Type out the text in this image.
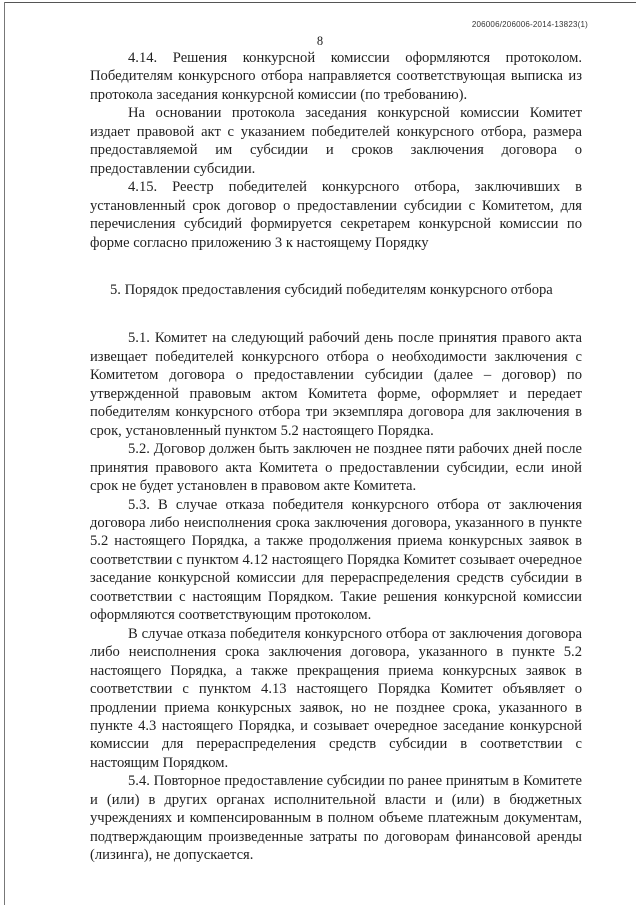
206006/206006-2014-13823(1)
8

4.14. Решения конкурсной комиссии оформляются протоколом. Победителям конкурсного отбора направляется соответствующая выписка из протокола заседания конкурсной комиссии (по требованию).

На основании протокола заседания конкурсной комиссии Комитет издает правовой акт с указанием победителей конкурсного отбора, размера предоставляемой им субсидии и сроков заключения договора о предоставлении субсидии.

4.15. Реестр победителей конкурсного отбора, заключивших в установленный срок договор о предоставлении субсидии с Комитетом, для перечисления субсидий формируется секретарем конкурсной комиссии по форме согласно приложению 3 к настоящему Порядку

5. Порядок предоставления субсидий победителям конкурсного отбора

5.1. Комитет на следующий рабочий день после принятия правого акта извещает победителей конкурсного отбора о необходимости заключения с Комитетом договора о предоставлении субсидии (далее – договор) по утвержденной правовым актом Комитета форме, оформляет и передает победителям конкурсного отбора три экземпляра договора для заключения в срок, установленный пунктом 5.2 настоящего Порядка.

5.2. Договор должен быть заключен не позднее пяти рабочих дней после принятия правового акта Комитета о предоставлении субсидии, если иной срок не будет установлен в правовом акте Комитета.

5.3. В случае отказа победителя конкурсного отбора от заключения договора либо неисполнения срока заключения договора, указанного в пункте 5.2 настоящего Порядка, а также продолжения приема конкурсных заявок в соответствии с пунктом 4.12 настоящего Порядка Комитет созывает очередное заседание конкурсной комиссии для перераспределения средств субсидии в соответствии с настоящим Порядком. Такие решения конкурсной комиссии оформляются соответствующим протоколом.

В случае отказа победителя конкурсного отбора от заключения договора либо неисполнения срока заключения договора, указанного в пункте 5.2 настоящего Порядка, а также прекращения приема конкурсных заявок в соответствии с пунктом 4.13 настоящего Порядка Комитет объявляет о продлении приема конкурсных заявок, но не позднее срока, указанного в пункте 4.3 настоящего Порядка, и созывает очередное заседание конкурсной комиссии для перераспределения средств субсидии в соответствии с настоящим Порядком.

5.4. Повторное предоставление субсидии по ранее принятым в Комитете и (или) в других органах исполнительной власти и (или) в бюджетных учреждениях и компенсированным в полном объеме платежным документам, подтверждающим произведенные затраты по договорам финансовой аренды (лизинга), не допускается.
